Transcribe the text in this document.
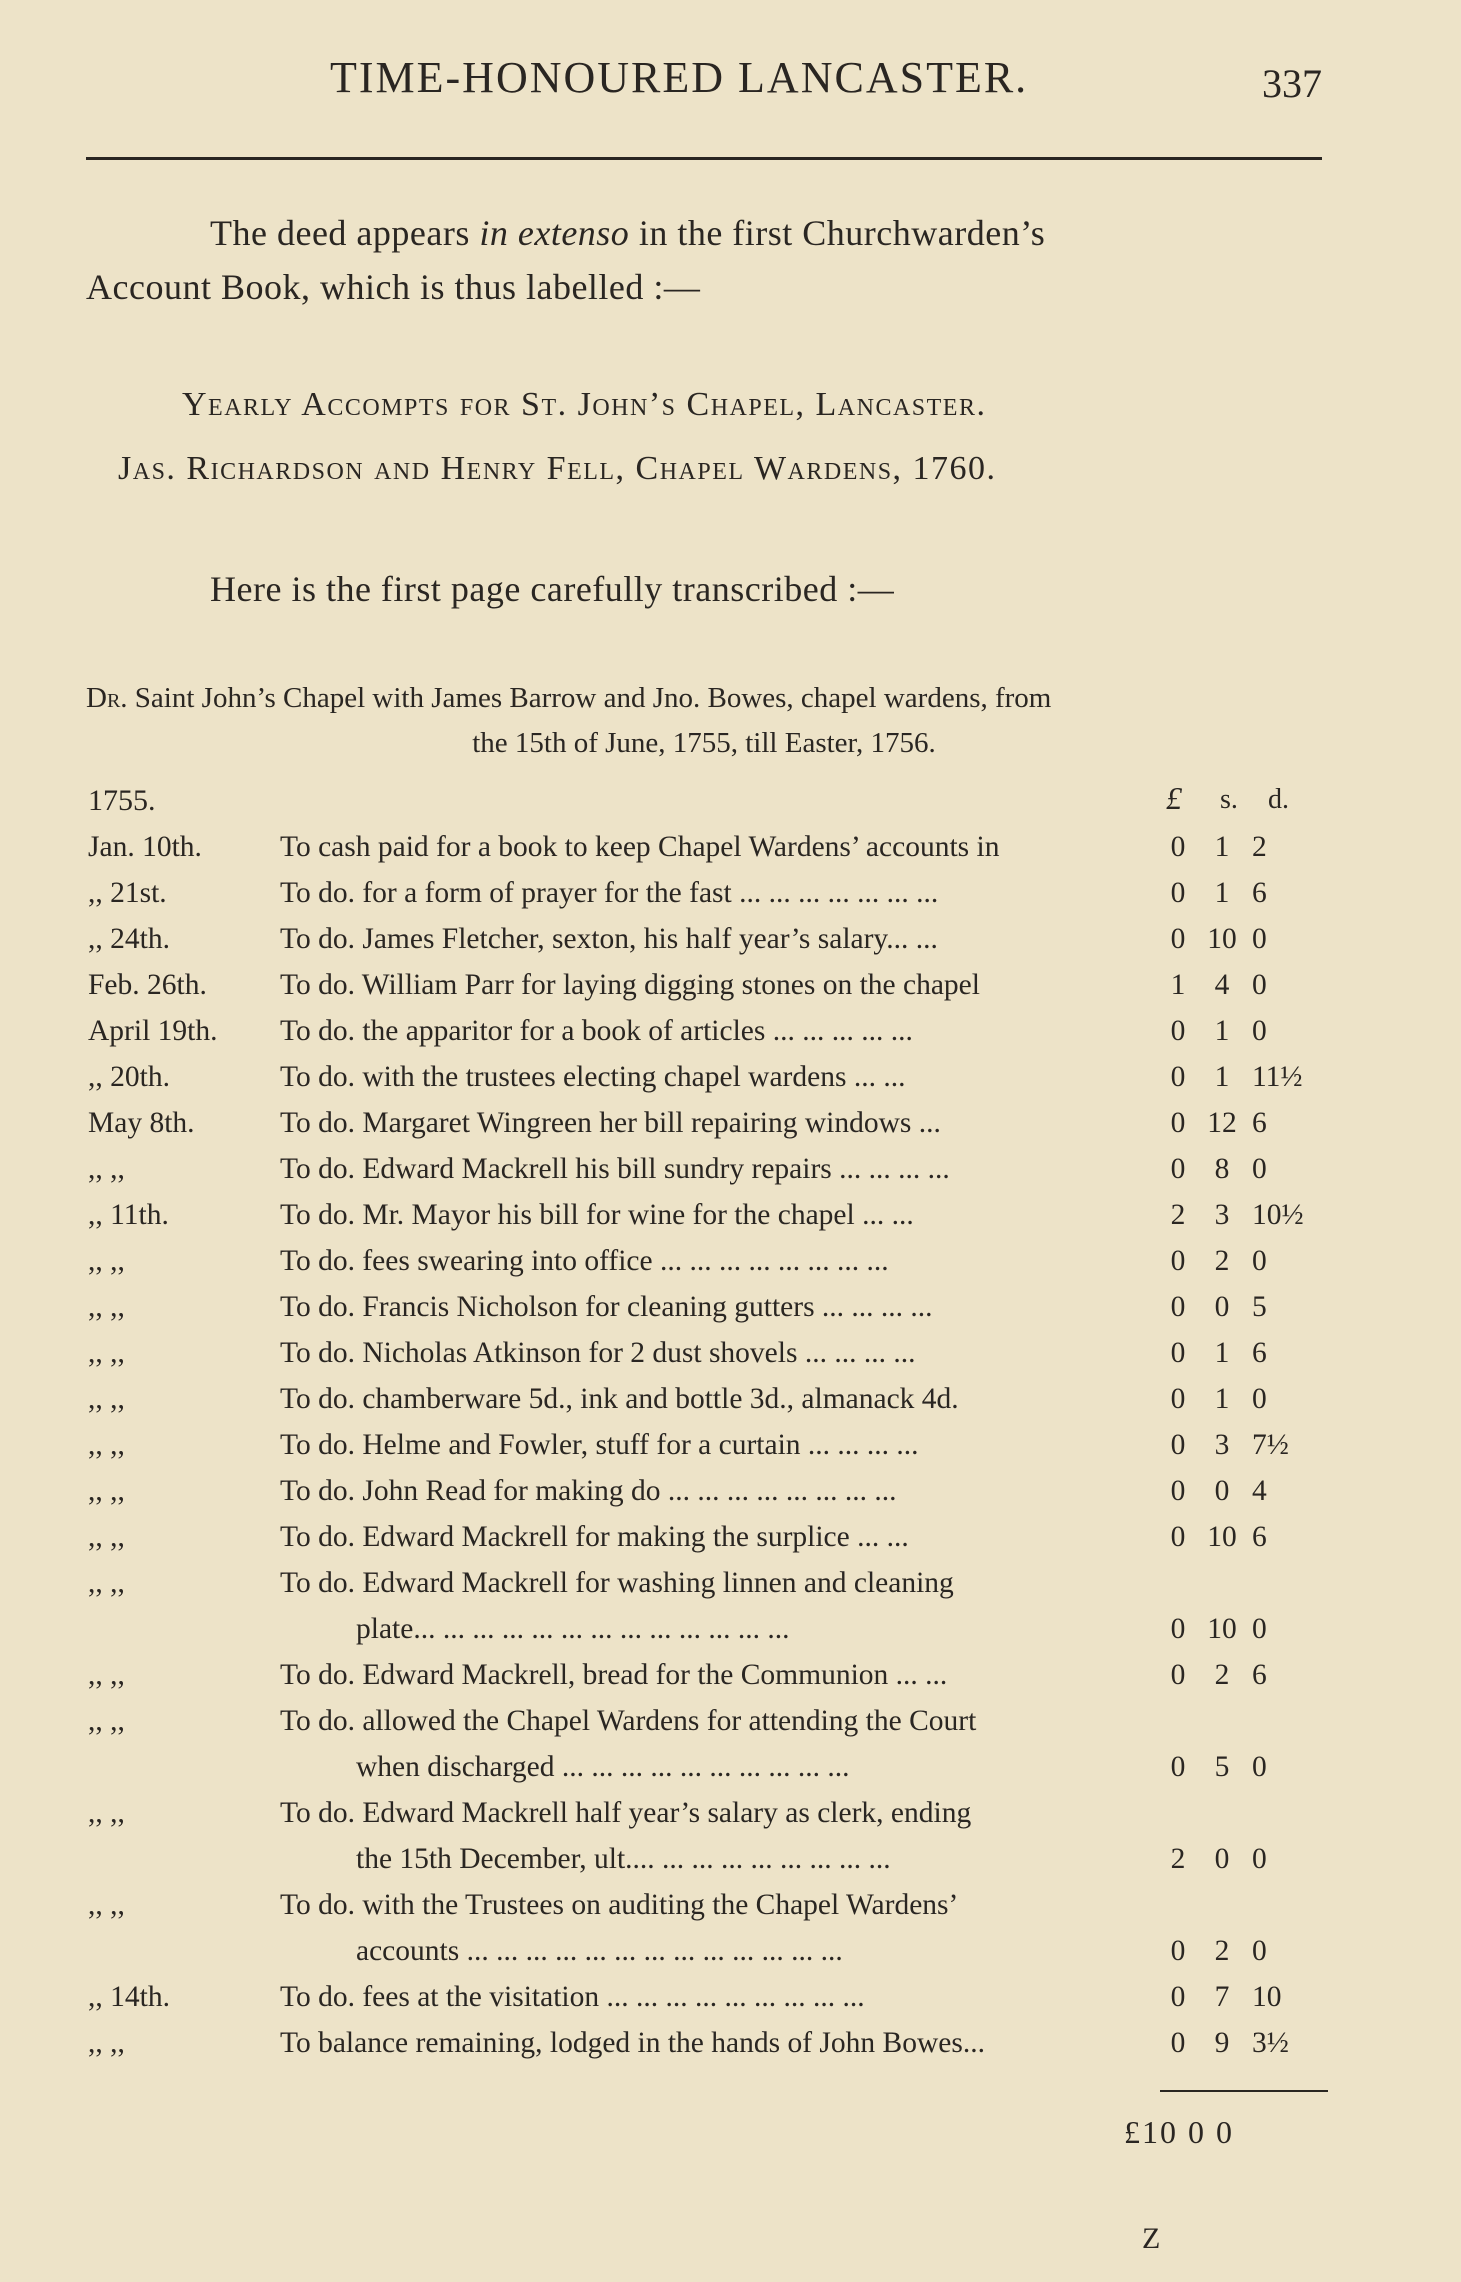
TIME-HONOURED LANCASTER.	337
The deed appears in extenso in the first Churchwarden’s
Account Book, which is thus labelled :—
Yearly Accompts for St. John’s Chapel, Lancaster.
Jas. Richardson and Henry Fell, Chapel Wardens, 1760.
Here is the first page carefully transcribed :—
Dr. Saint John’s Chapel with James Barrow and Jno. Bowes, chapel wardens, from
the 15th of June, 1755, till Easter, 1756.
1755.	£ s. d.
Jan. 10th.	To cash paid for a book to keep Chapel Wardens’ accounts in	0 1 2
,, 21st.	To do. for a form of prayer for the fast ... ... ... ... ... ... ...	0 1 6
,, 24th.	To do. James Fletcher, sexton, his half year’s salary... ...	0 10 0
Feb. 26th.	To do. William Parr for laying digging stones on the chapel	1 4 0
April 19th.	To do. the apparitor for a book of articles ... ... ... ... ...	0 1 0
,, 20th.	To do. with the trustees electing chapel wardens ... ...	0 1 11½
May 8th.	To do. Margaret Wingreen her bill repairing windows ...	0 12 6
,, ,,	To do. Edward Mackrell his bill sundry repairs ... ... ... ...	0 8 0
,, 11th.	To do. Mr. Mayor his bill for wine for the chapel ... ...	2 3 10½
,, ,,	To do. fees swearing into office ... ... ... ... ... ... ... ...	0 2 0
,, ,,	To do. Francis Nicholson for cleaning gutters ... ... ... ...	0 0 5
,, ,,	To do. Nicholas Atkinson for 2 dust shovels ... ... ... ...	0 1 6
,, ,,	To do. chamberware 5d., ink and bottle 3d., almanack 4d.	0 1 0
,, ,,	To do. Helme and Fowler, stuff for a curtain ... ... ... ...	0 3 7½
,, ,,	To do. John Read for making do ... ... ... ... ... ... ... ...	0 0 4
,, ,,	To do. Edward Mackrell for making the surplice ... ...	0 10 6
,, ,,	To do. Edward Mackrell for washing linnen and cleaning
plate... ... ... ... ... ... ... ... ... ... ... ... ...	0 10 0
,, ,,	To do. Edward Mackrell, bread for the Communion ... ...	0 2 6
,, ,,	To do. allowed the Chapel Wardens for attending the Court
when discharged ... ... ... ... ... ... ... ... ... ...	0 5 0
,, ,,	To do. Edward Mackrell half year’s salary as clerk, ending
the 15th December, ult.... ... ... ... ... ... ... ... ...	2 0 0
,, ,,	To do. with the Trustees on auditing the Chapel Wardens’
accounts ... ... ... ... ... ... ... ... ... ... ... ... ...	0 2 0
,, 14th.	To do. fees at the visitation ... ... ... ... ... ... ... ... ...	0 7 10
,, ,,	To balance remaining, lodged in the hands of John Bowes...	0 9 3½
£10 0 0
Z
